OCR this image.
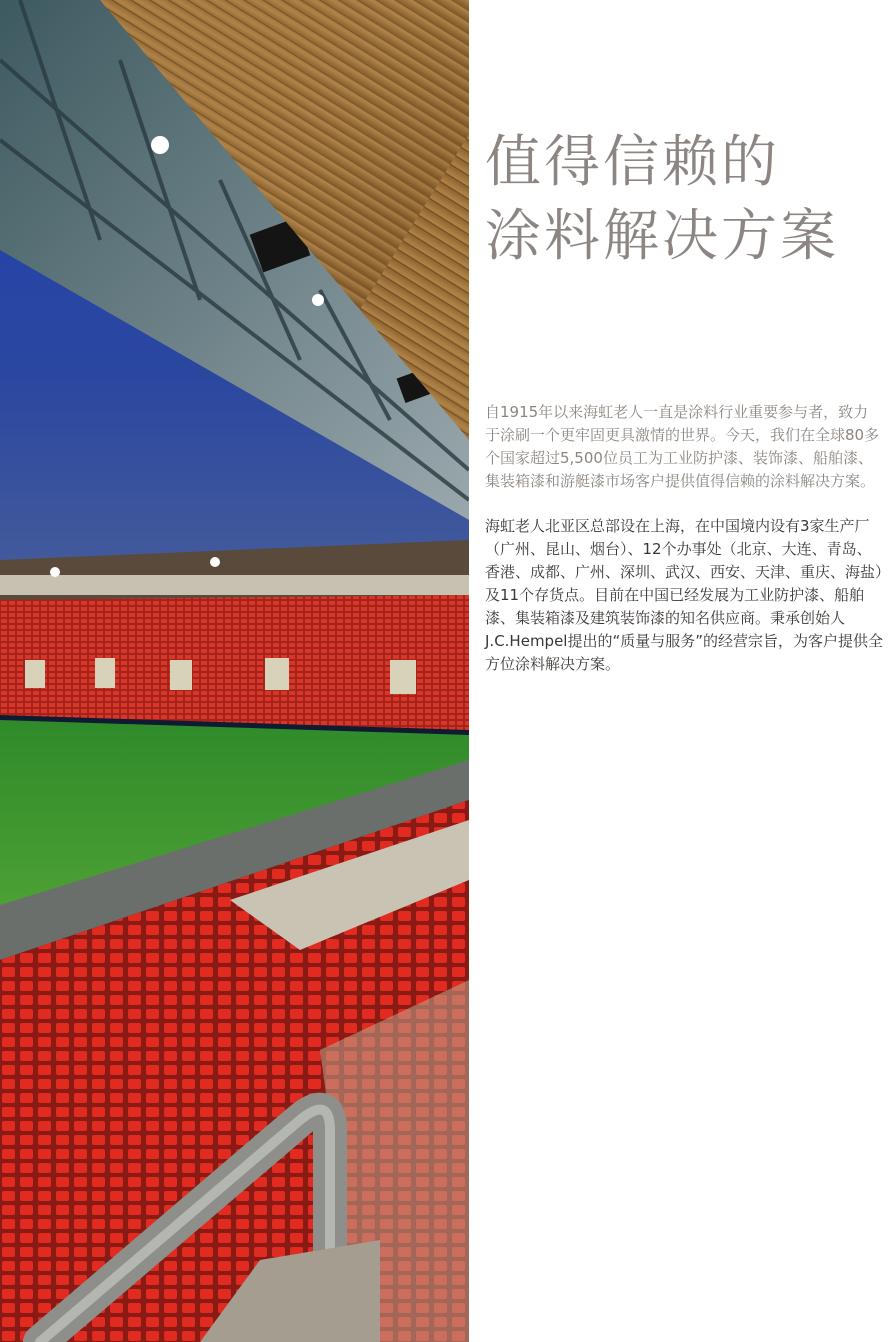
值得信赖的
涂料解决方案

自1915年以来海虹老人一直是涂料行业重要参与者，致力于涂刷一个更牢固更具激情的世界。今天，我们在全球80多个国家超过5,500位员工为工业防护漆、装饰漆、船舶漆、集装箱漆和游艇漆市场客户提供值得信赖的涂料解决方案。

海虹老人北亚区总部设在上海，在中国境内设有3家生产厂（广州、昆山、烟台）、12个办事处（北京、大连、青岛、香港、成都、广州、深圳、武汉、西安、天津、重庆、海盐）及11个存货点。目前在中国已经发展为工业防护漆、船舶漆、集装箱漆及建筑装饰漆的知名供应商。秉承创始人J.C.Hempel提出的“质量与服务”的经营宗旨，为客户提供全方位涂料解决方案。
